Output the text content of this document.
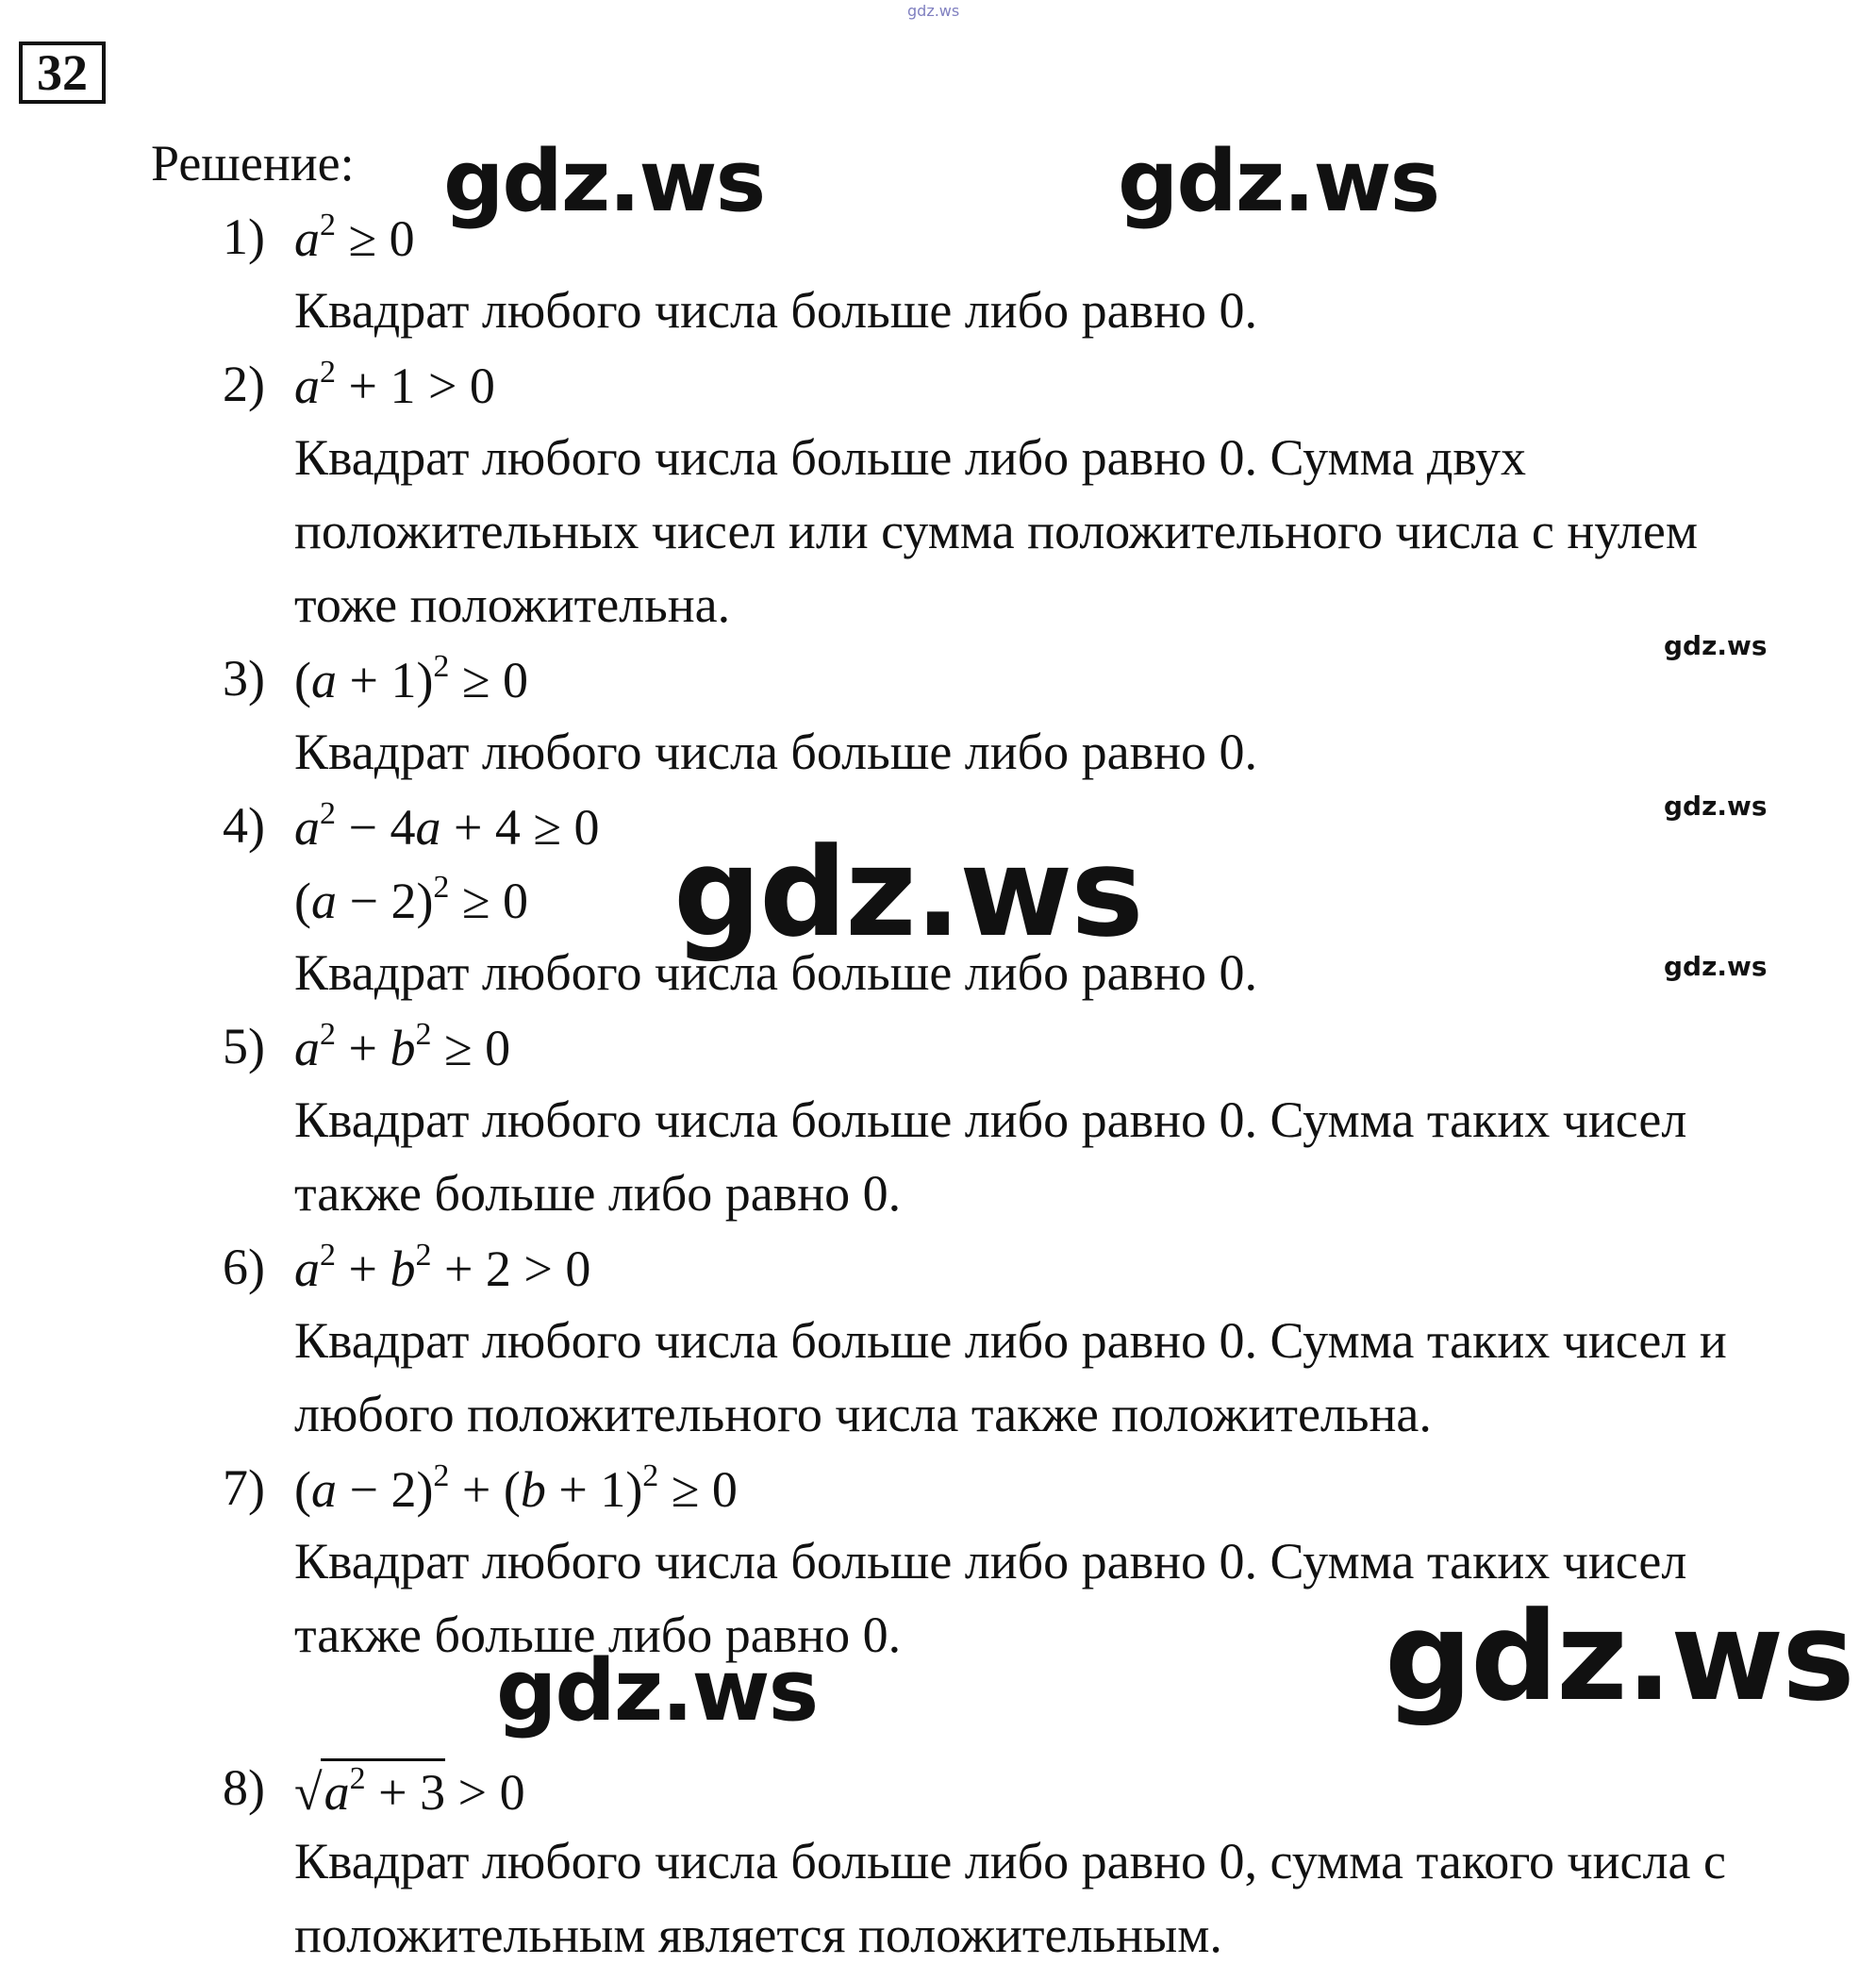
gdz.ws
32
Решение:
1) $a^2 \ge 0$
Квадрат любого числа больше либо равно 0.
2) $a^2 + 1 > 0$
Квадрат любого числа больше либо равно 0. Сумма двух
положительных чисел или сумма положительного числа с нулем
тоже положительна.
3) $(a + 1)^2 \ge 0$
Квадрат любого числа больше либо равно 0.
4) $a^2 - 4a + 4 \ge 0$
$(a - 2)^2 \ge 0$
Квадрат любого числа больше либо равно 0.
5) $a^2 + b^2 \ge 0$
Квадрат любого числа больше либо равно 0. Сумма таких чисел
также больше либо равно 0.
6) $a^2 + b^2 + 2 > 0$
Квадрат любого числа больше либо равно 0. Сумма таких чисел и
любого положительного числа также положительна.
7) $(a - 2)^2 + (b + 1)^2 \ge 0$
Квадрат любого числа больше либо равно 0. Сумма таких чисел
также больше либо равно 0.
8) $√a^2 + 3 > 0$
Квадрат любого числа больше либо равно 0, сумма такого числа с
положительным является положительным.
gdz.ws	gdz.ws
gdz.ws
gdz.ws
gdz.ws
gdz.ws
gdz.ws
gdz.ws
